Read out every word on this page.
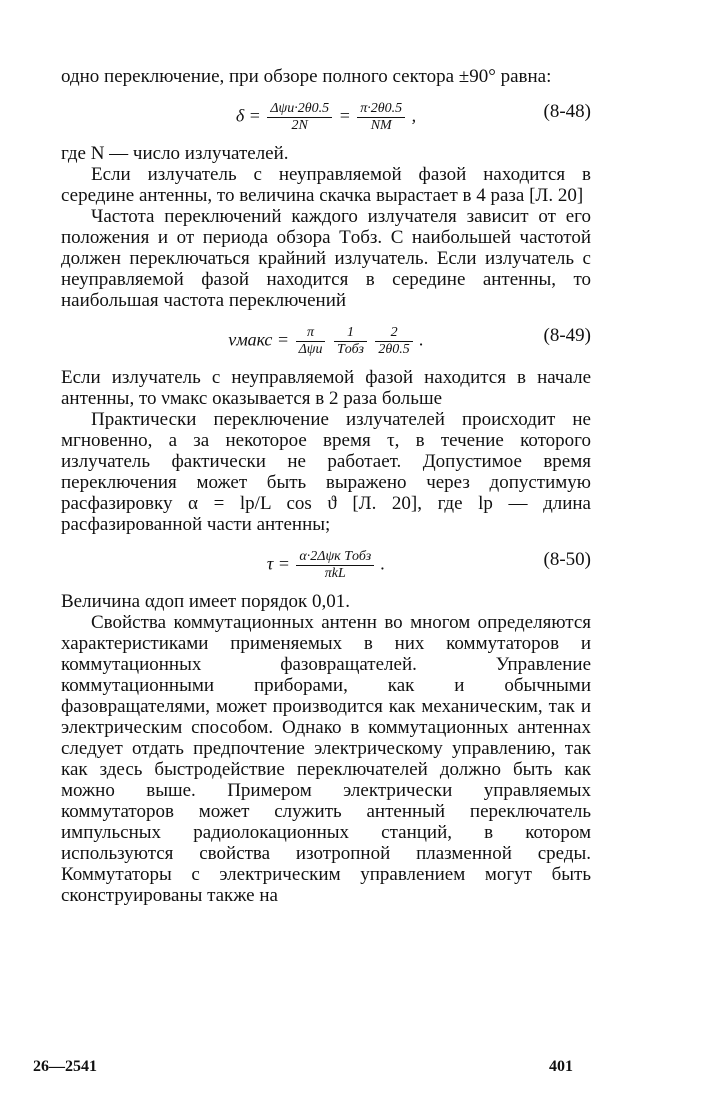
одно переключение, при обзоре полного сектора ±90° равна:

$\delta = \frac{\text{Δψи·2θ0.5}}{2N} = \frac{\pi\cdot 2\theta 0.5}{NM}$ ,	(8-48)

где N — число излучателей.

Если излучатель с неуправляемой фазой находится в середине антенны, то величина скачка вырастает в 4 раза [Л. 20]

Частота переключений каждого излучателя зависит от его положения и от периода обзора Tобз. С наибольшей частотой должен переключаться крайний излучатель. Если излучатель с неуправляемой фазой находится в середине антенны, то наибольшая частота переключений

νмакс = $\frac{\pi}{\text{Δψи}}$
$\frac{1}{\text{Tобз}}$
$\frac{2}{2\theta 0.5}$ .	(8-49)

Если излучатель с неуправляемой фазой находится в начале антенны, то νмакс оказывается в 2 раза больше

Практически переключение излучателей происходит не мгновенно, а за некоторое время τ, в течение которого излучатель фактически не работает. Допустимое время переключения может быть выражено через допустимую расфазировку α = lр/L cos ϑ [Л. 20], где lр — длина расфазированной части антенны;

$\tau = \frac{\text{α·2Δψк Tобз}}{\text{πkL}}$ .	(8-50)

Величина αдоп имеет порядок 0,01.

Свойства коммутационных антенн во многом определяются характеристиками применяемых в них коммутаторов и коммутационных фазовращателей. Управление коммутационными приборами, как и обычными фазовращателями, может производится как механическим, так и электрическим способом. Однако в коммутационных антеннах следует отдать предпочтение электрическому управлению, так как здесь быстродействие переключателей должно быть как можно выше. Примером электрически управляемых коммутаторов может служить антенный переключатель импульсных радиолокационных станций, в котором используются свойства изотропной плазменной среды. Коммутаторы с электрическим управлением могут быть сконструированы также на

26—2541	401
